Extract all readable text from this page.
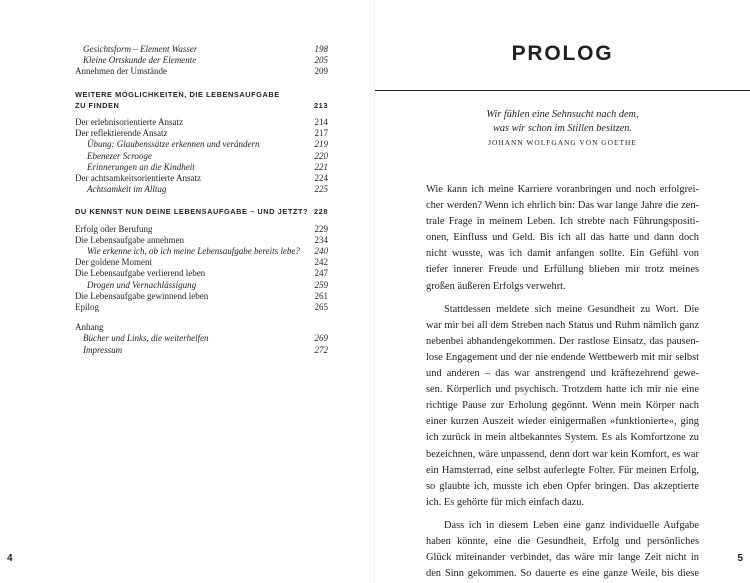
Gesichtsform – Element Wasser	198
Kleine Ortskunde der Elemente	205
Annehmen der Umstände	209
WEITERE MÖGLICHKEITEN, DIE LEBENSAUFGABE
ZU FINDEN	213
Der erlebnisorientierte Ansatz	214
Der reflektierende Ansatz	217
Übung: Glaubenssätze erkennen und verändern	219
Ebenezer Scrooge	220
Erinnerungen an die Kindheit	221
Der achtsamkeitsorientierte Ansatz	224
Achtsamkeit im Alltag	225
DU KENNST NUN DEINE LEBENSAUFGABE – UND JETZT? 228
Erfolg oder Berufung	229
Die Lebensaufgabe annehmen	234
Wie erkenne ich, ob ich meine Lebensaufgabe bereits lebe?	240
Der goldene Moment	242
Die Lebensaufgabe verlierend leben	247
Drogen und Vernachlässigung	259
Die Lebensaufgabe gewinnend leben	261
Epilog	265
Anhang
Bücher und Links, die weiterhelfen	269
Impressum	272
4
PROLOG
Wir fühlen eine Sehnsucht nach dem,
was wir schon im Stillen besitzen.
JOHANN WOLFGANG VON GOETHE

Wie kann ich meine Karriere voranbringen und noch erfolgrei-
cher werden? Wenn ich ehrlich bin: Das war lange Jahre die zen-
trale Frage in meinem Leben. Ich strebte nach Führungspositi-
onen, Einfluss und Geld. Bis ich all das hatte und dann doch
nicht wusste, was ich damit anfangen sollte. Ein Gefühl von
tiefer innerer Freude und Erfüllung blieben mir trotz meines
großen äußeren Erfolgs verwehrt.

Stattdessen meldete sich meine Gesundheit zu Wort. Die
war mir bei all dem Streben nach Status und Ruhm nämlich ganz
nebenbei abhandengekommen. Der rastlose Einsatz, das pausen-
lose Engagement und der nie endende Wettbewerb mit mir selbst
und anderen – das war anstrengend und kräftezehrend gewe-
sen. Körperlich und psychisch. Trotzdem hatte ich mir nie eine
richtige Pause zur Erholung gegönnt. Wenn mein Körper nach
einer kurzen Auszeit wieder einigermaßen »funktionierte«, ging
ich zurück in mein altbekanntes System. Es als Komfortzone zu
bezeichnen, wäre unpassend, denn dort war kein Komfort, es war
ein Hamsterrad, eine selbst auferlegte Folter. Für meinen Erfolg,
so glaubte ich, musste ich eben Opfer bringen. Das akzeptierte
ich. Es gehörte für mich einfach dazu.

Dass ich in diesem Leben eine ganz individuelle Aufgabe
haben könnte, eine die Gesundheit, Erfolg und persönliches
Glück miteinander verbindet, das wäre mir lange Zeit nicht in
den Sinn gekommen. So dauerte es eine ganze Weile, bis diese

5
